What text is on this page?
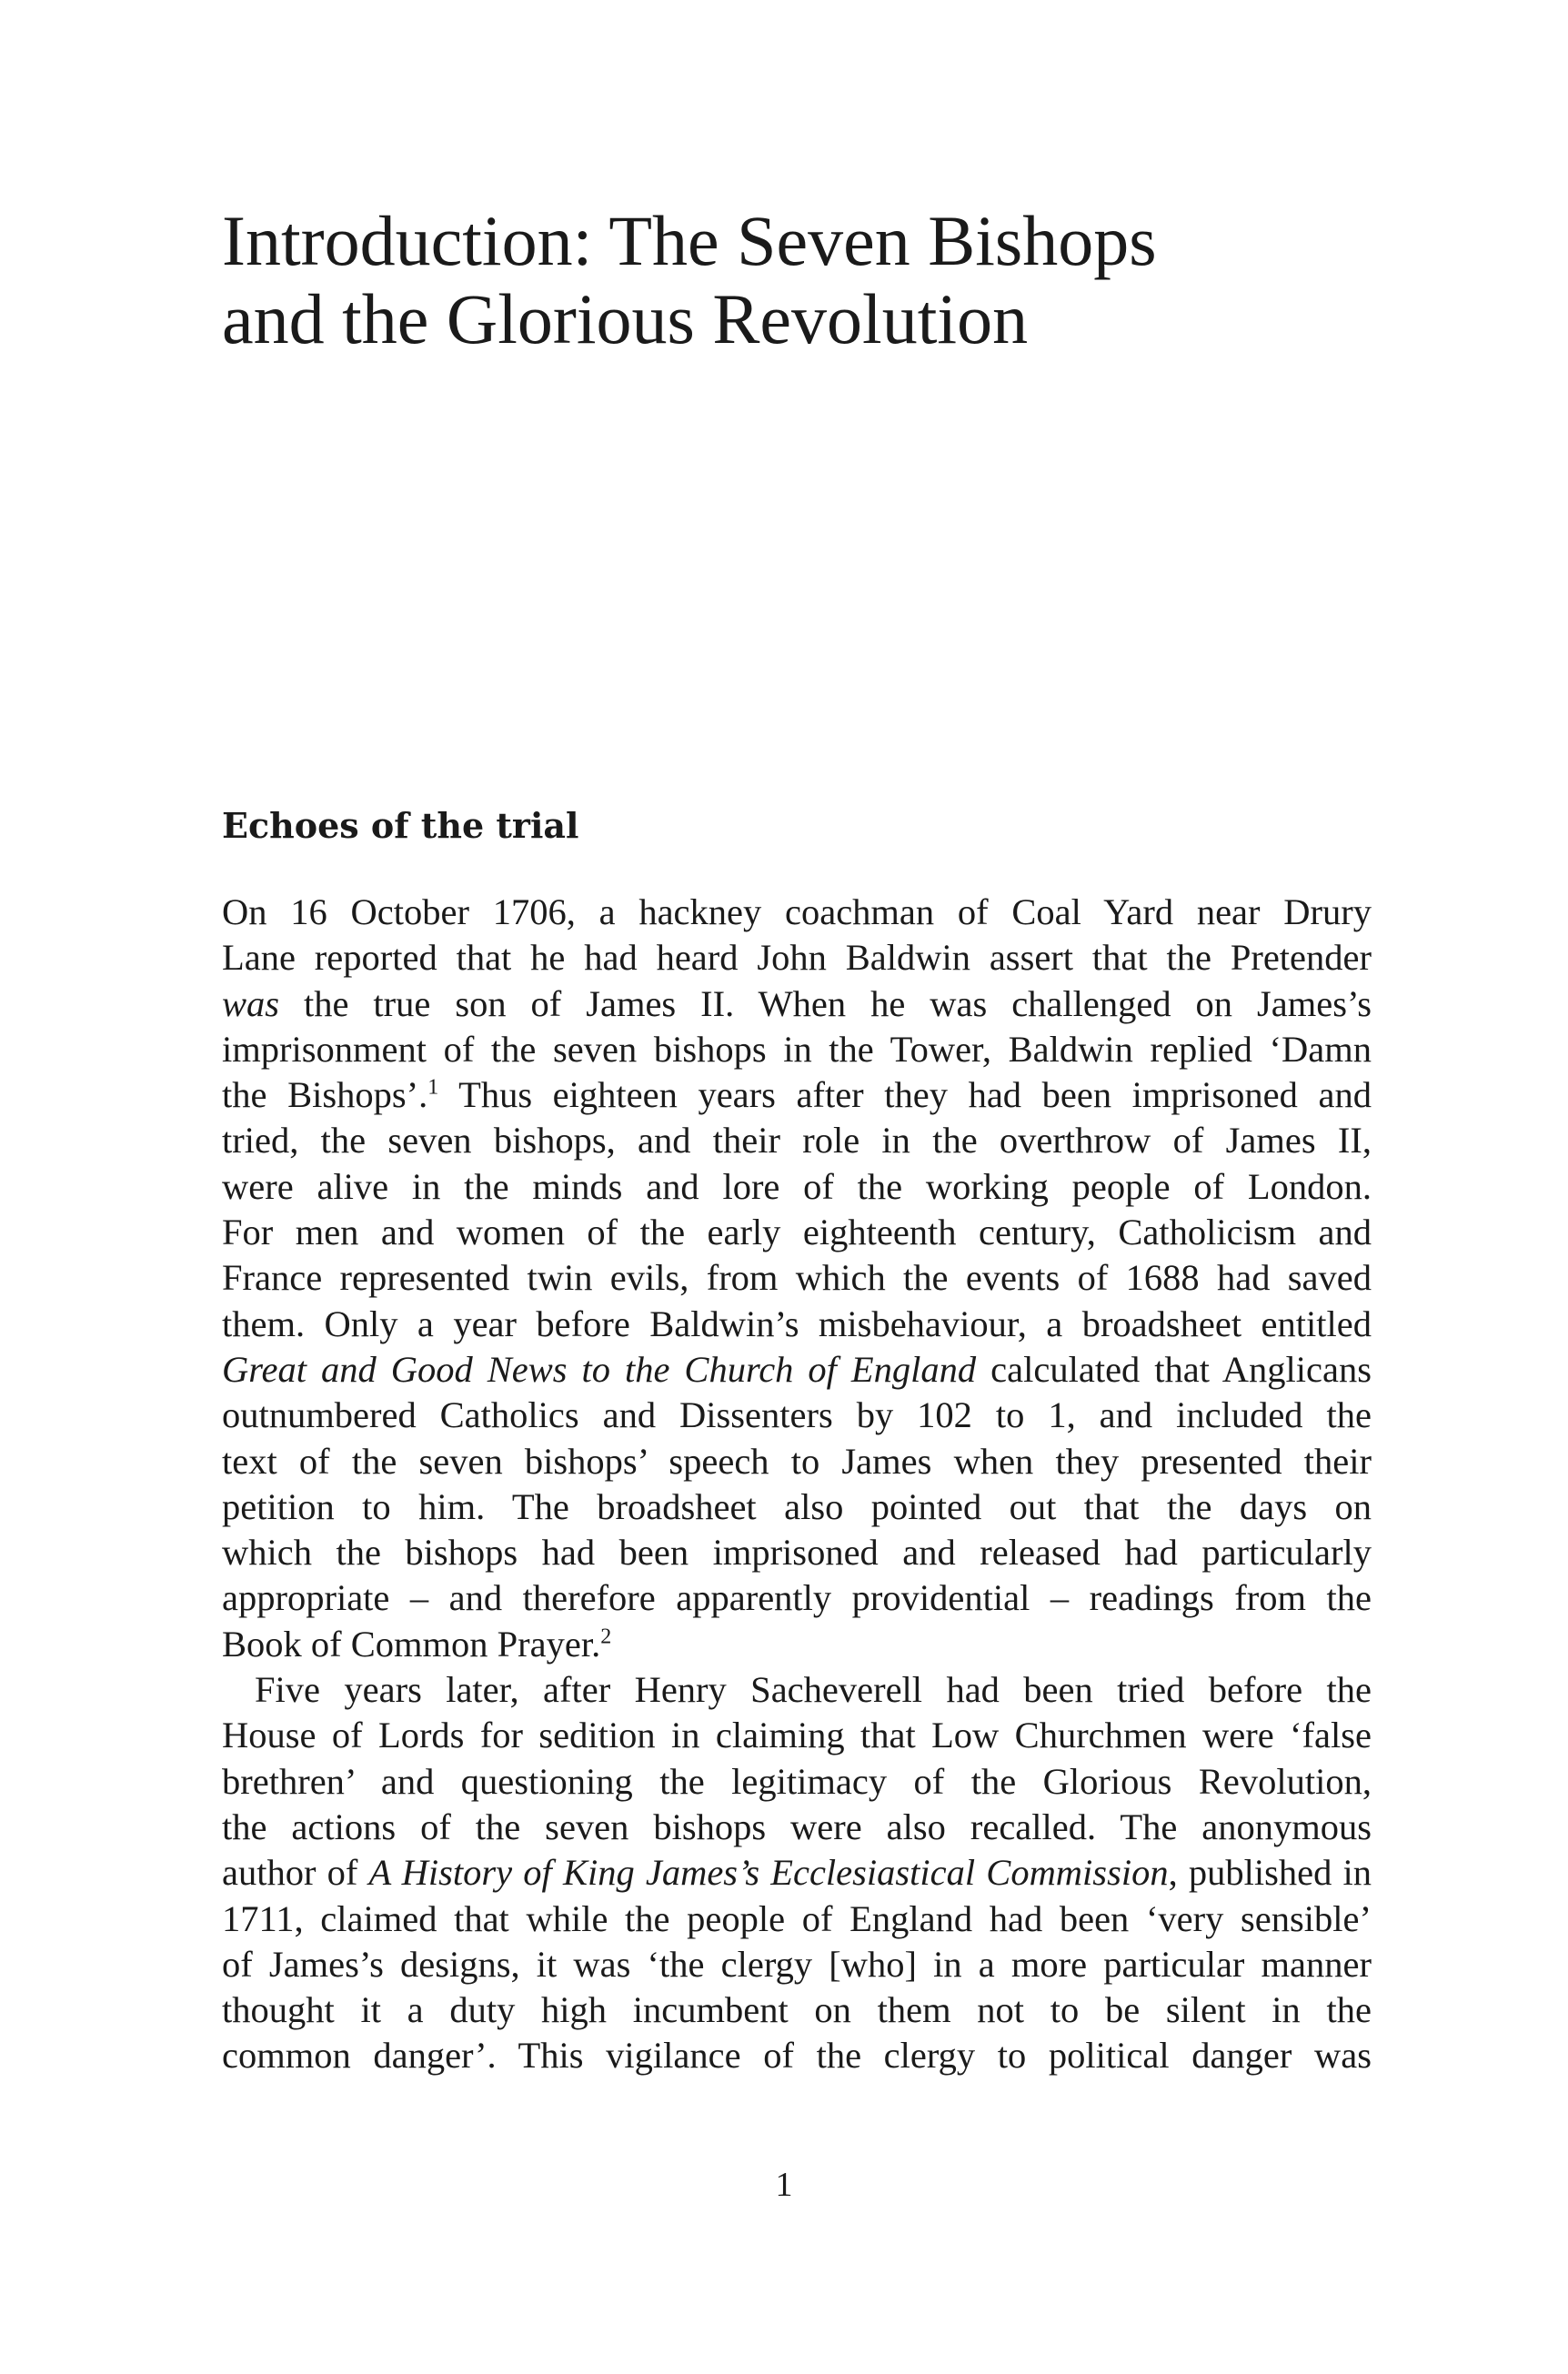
Introduction: The Seven Bishops
and the Glorious Revolution
Echoes of the trial
On 16 October 1706, a hackney coachman of Coal Yard near Drury
Lane reported that he had heard John Baldwin assert that the Pretender
was the true son of James II. When he was challenged on James’s
imprisonment of the seven bishops in the Tower, Baldwin replied ‘Damn
the Bishops’.$^1$ Thus eighteen years after they had been imprisoned and
tried, the seven bishops, and their role in the overthrow of James II,
were alive in the minds and lore of the working people of London.
For men and women of the early eighteenth century, Catholicism and
France represented twin evils, from which the events of 1688 had saved
them. Only a year before Baldwin’s misbehaviour, a broadsheet entitled
Great and Good News to the Church of England calculated that Anglicans
outnumbered Catholics and Dissenters by 102 to 1, and included the
text of the seven bishops’ speech to James when they presented their
petition to him. The broadsheet also pointed out that the days on
which the bishops had been imprisoned and released had particularly
appropriate – and therefore apparently providential – readings from the
Book of Common Prayer.$^2$
Five years later, after Henry Sacheverell had been tried before the
House of Lords for sedition in claiming that Low Churchmen were ‘false
brethren’ and questioning the legitimacy of the Glorious Revolution,
the actions of the seven bishops were also recalled. The anonymous
author of A History of King James’s Ecclesiastical Commission, published in
1711, claimed that while the people of England had been ‘very sensible’
of James’s designs, it was ‘the clergy [who] in a more particular manner
thought it a duty high incumbent on them not to be silent in the
common danger’. This vigilance of the clergy to political danger was
1
